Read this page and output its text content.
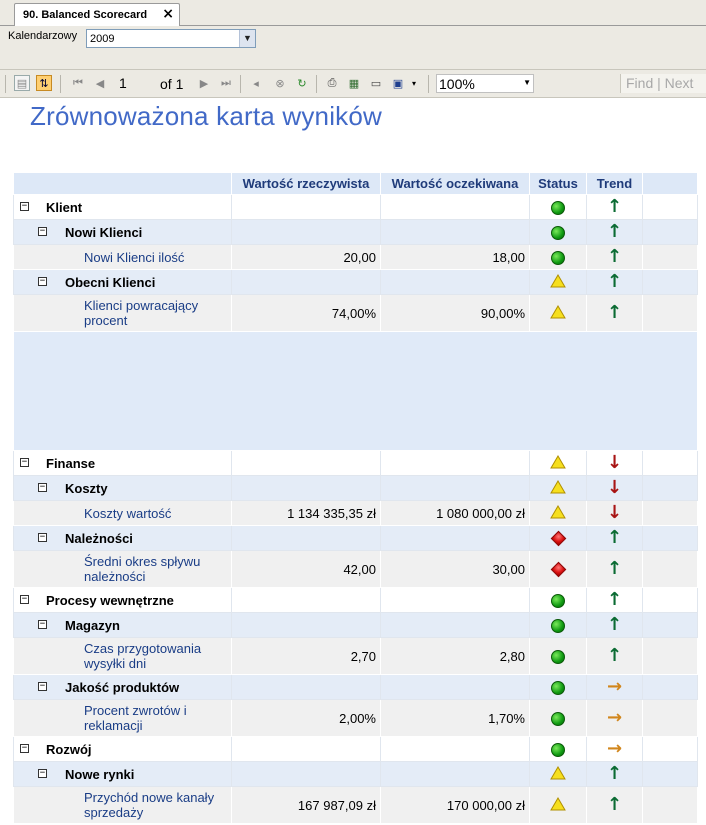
90. Balanced Scorecard ×
Kalendarzowy	2009	▼
▤	⇅	⏮	◀ 1	of 1	▶	⏭	◂	⊗	↻	⎙	▦ ▭ ▣	▾	100%	▼	Find | Next
Zrównoważona karta wyników
	Wartość rzeczywista	Wartość oczekiwana	Status	Trend	

− Klient				↑	

− Nowi Klienci				↑	
Nowi Klienci ilość	20,00	18,00		↑	

− Obecni Klienci				↑	
Klienci powracający procent	74,00%	90,00%		↑	

− Finanse				↓	

− Koszty				↓	
Koszty wartość	1 134 335,35 zł	1 080 000,00 zł		↓	

− Należności				↑	
Średni okres spływu należności	42,00	30,00		↑	

− Procesy wewnętrzne				↑	

− Magazyn				↑	
Czas przygotowania wysyłki dni	2,70	2,80		↑	

− Jakość produktów				→	
Procent zwrotów i reklamacji	2,00%	1,70%		→	

− Rozwój				→	

− Nowe rynki				↑	
Przychód nowe kanały sprzedaży	167 987,09 zł	170 000,00 zł		↑	
